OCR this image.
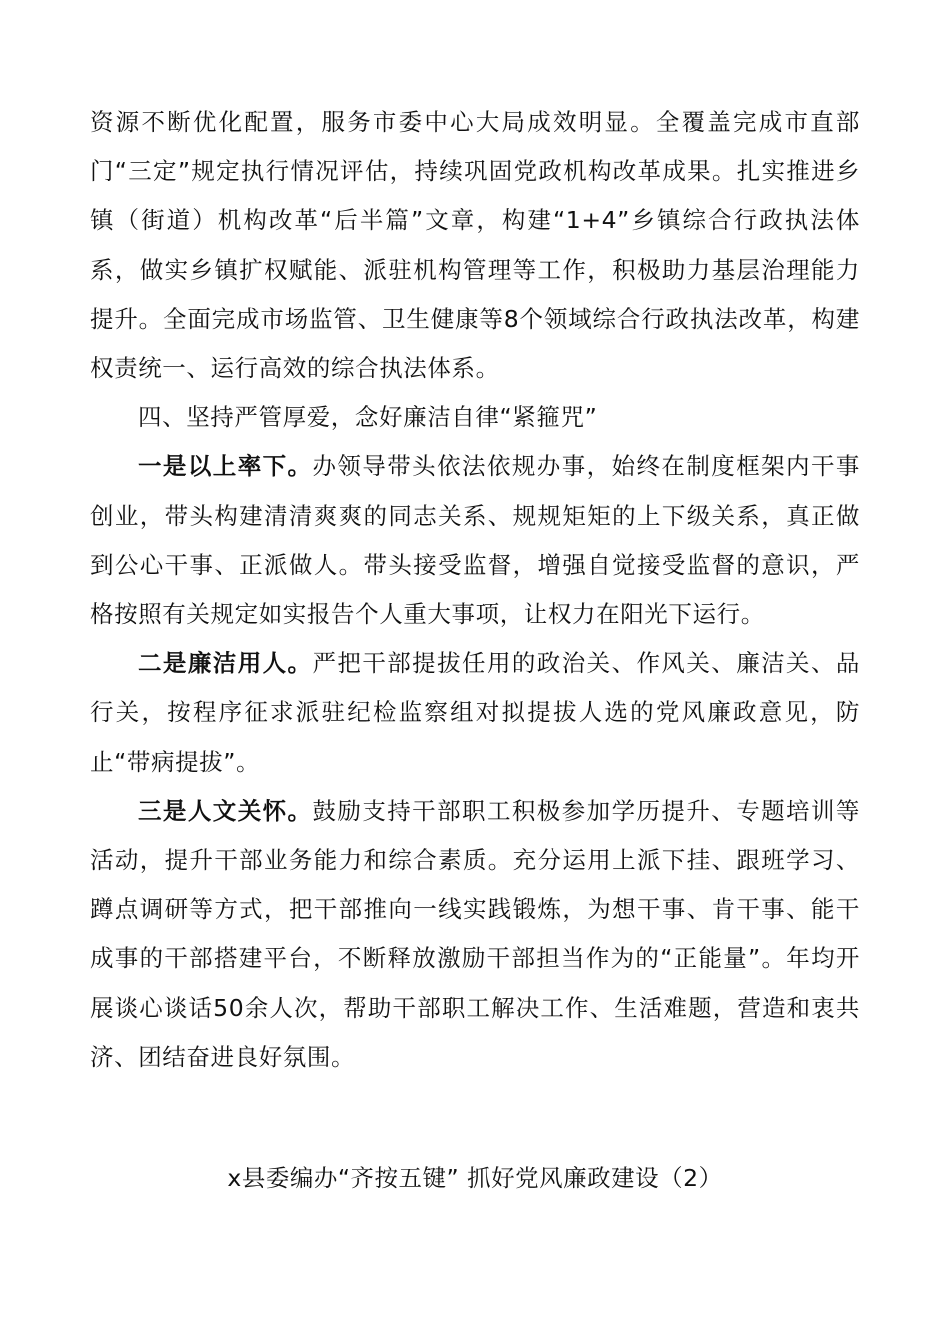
资源不断优化配置，服务市委中心大局成效明显。全覆盖完成市直部门“三定”规定执行情况评估，持续巩固党政机构改革成果。扎实推进乡镇（街道）机构改革“后半篇”文章，构建“1+4”乡镇综合行政执法体系，做实乡镇扩权赋能、派驻机构管理等工作，积极助力基层治理能力提升。全面完成市场监管、卫生健康等8个领域综合行政执法改革，构建权责统一、运行高效的综合执法体系。

四、坚持严管厚爱，念好廉洁自律“紧箍咒”

一是以上率下。办领导带头依法依规办事，始终在制度框架内干事创业，带头构建清清爽爽的同志关系、规规矩矩的上下级关系，真正做到公心干事、正派做人。带头接受监督，增强自觉接受监督的意识，严格按照有关规定如实报告个人重大事项，让权力在阳光下运行。

二是廉洁用人。严把干部提拔任用的政治关、作风关、廉洁关、品行关，按程序征求派驻纪检监察组对拟提拔人选的党风廉政意见，防止“带病提拔”。

三是人文关怀。鼓励支持干部职工积极参加学历提升、专题培训等活动，提升干部业务能力和综合素质。充分运用上派下挂、跟班学习、蹲点调研等方式，把干部推向一线实践锻炼，为想干事、肯干事、能干成事的干部搭建平台，不断释放激励干部担当作为的“正能量”。年均开展谈心谈话50余人次，帮助干部职工解决工作、生活难题，营造和衷共济、团结奋进良好氛围。

x县委编办“齐按五键” 抓好党风廉政建设（2）
